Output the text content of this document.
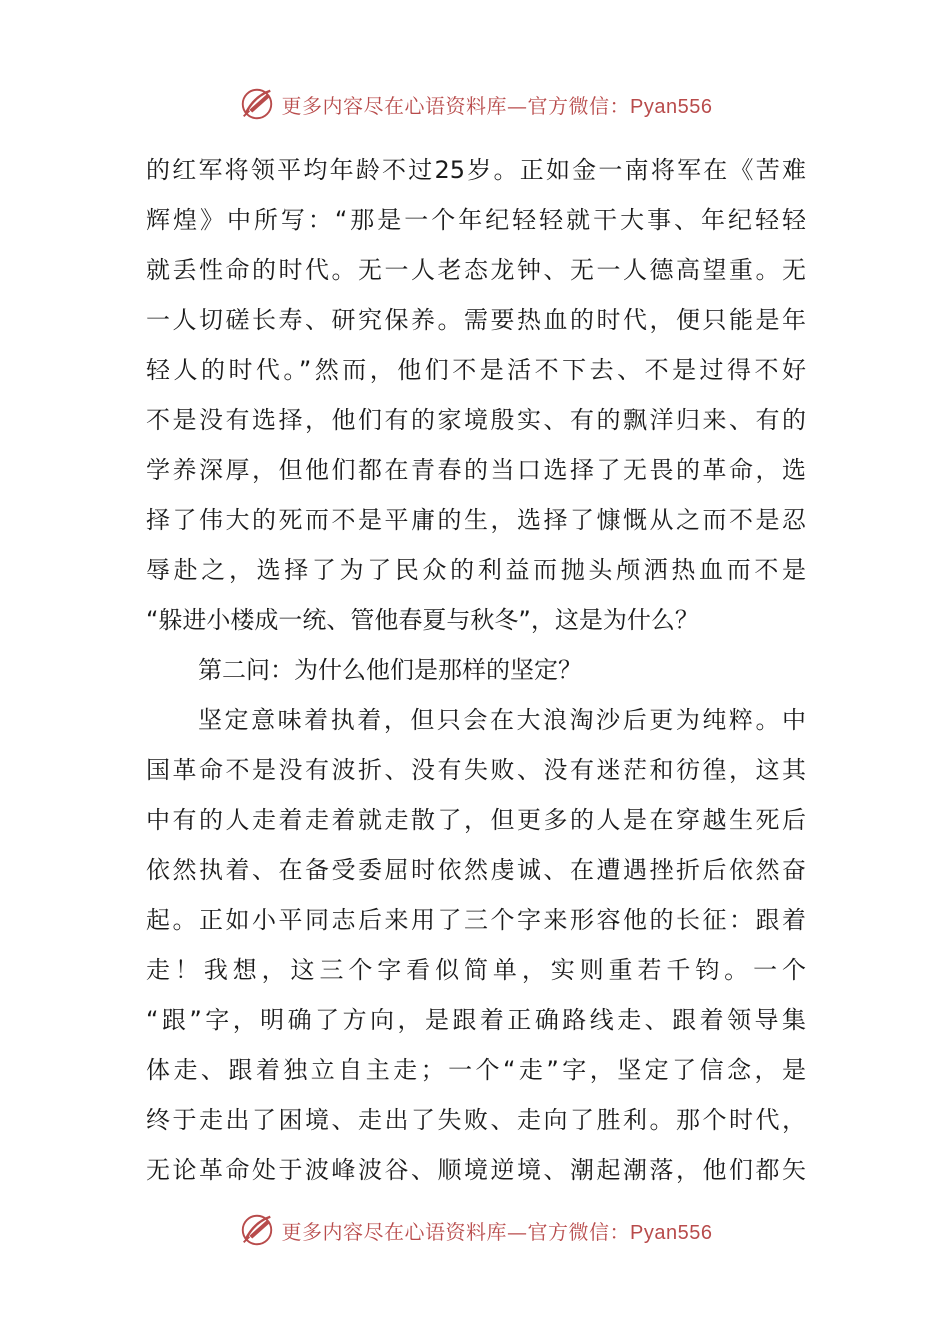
更多内容尽在心语资料库—官方微信：Pyan556
的红军将领平均年龄不过25岁。正如金一南将军在《苦难
辉煌》中所写：“那是一个年纪轻轻就干大事、年纪轻轻
就丢性命的时代。无一人老态龙钟、无一人德高望重。无
一人切磋长寿、研究保养。需要热血的时代，便只能是年
轻人的时代。”然而，他们不是活不下去、不是过得不好
不是没有选择，他们有的家境殷实、有的飘洋归来、有的
学养深厚，但他们都在青春的当口选择了无畏的革命，选
择了伟大的死而不是平庸的生，选择了慷慨从之而不是忍
辱赴之，选择了为了民众的利益而抛头颅洒热血而不是
“躲进小楼成一统、管他春夏与秋冬”，这是为什么？
第二问：为什么他们是那样的坚定？
坚定意味着执着，但只会在大浪淘沙后更为纯粹。中
国革命不是没有波折、没有失败、没有迷茫和彷徨，这其
中有的人走着走着就走散了，但更多的人是在穿越生死后
依然执着、在备受委屈时依然虔诚、在遭遇挫折后依然奋
起。正如小平同志后来用了三个字来形容他的长征：跟着
走！我想，这三个字看似简单，实则重若千钧。一个
“跟”字，明确了方向，是跟着正确路线走、跟着领导集
体走、跟着独立自主走；一个“走”字，坚定了信念，是
终于走出了困境、走出了失败、走向了胜利。那个时代，
无论革命处于波峰波谷、顺境逆境、潮起潮落，他们都矢
更多内容尽在心语资料库—官方微信：Pyan556
